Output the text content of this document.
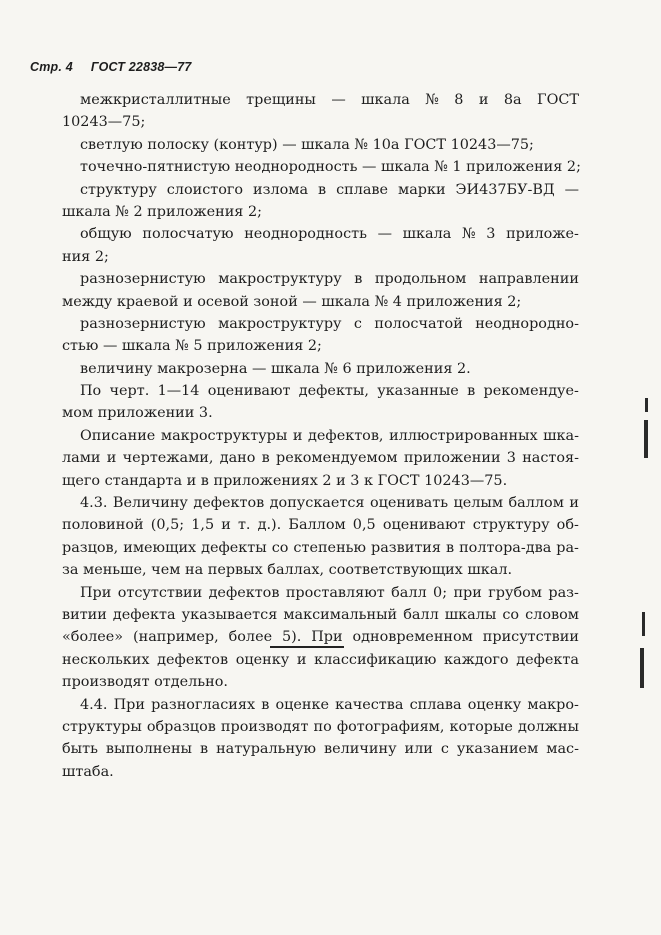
Стр. 4 ГОСТ 22838—77
межкристаллитные трещины — шкала № 8 и 8а ГОСТ
10243—75;
светлую полоску (контур) — шкала № 10а ГОСТ 10243—75;
точечно-пятнистую неоднородность — шкала № 1 приложения 2;
структуру слоистого излома в сплаве марки ЭИ437БУ-ВД —
шкала № 2 приложения 2;
общую полосчатую неоднородность — шкала № 3 приложе-
ния 2;
разнозернистую макроструктуру в продольном направлении
между краевой и осевой зоной — шкала № 4 приложения 2;
разнозернистую макроструктуру с полосчатой неоднородно-
стью — шкала № 5 приложения 2;
величину макрозерна — шкала № 6 приложения 2.
По черт. 1—14 оценивают дефекты, указанные в рекомендуе-
мом приложении 3.
Описание макроструктуры и дефектов, иллюстрированных шка-
лами и чертежами, дано в рекомендуемом приложении 3 настоя-
щего стандарта и в приложениях 2 и 3 к ГОСТ 10243—75.
4.3. Величину дефектов допускается оценивать целым баллом и
половиной (0,5; 1,5 и т. д.). Баллом 0,5 оценивают структуру об-
разцов, имеющих дефекты со степенью развития в полтора-два ра-
за меньше, чем на первых баллах, соответствующих шкал.
При отсутствии дефектов проставляют балл 0; при грубом раз-
витии дефекта указывается максимальный балл шкалы со словом
«более» (например, более 5). При одновременном присутствии
нескольких дефектов оценку и классификацию каждого дефекта
производят отдельно.
4.4. При разногласиях в оценке качества сплава оценку макро-
структуры образцов производят по фотографиям, которые должны
быть выполнены в натуральную величину или с указанием мас-
штаба.
